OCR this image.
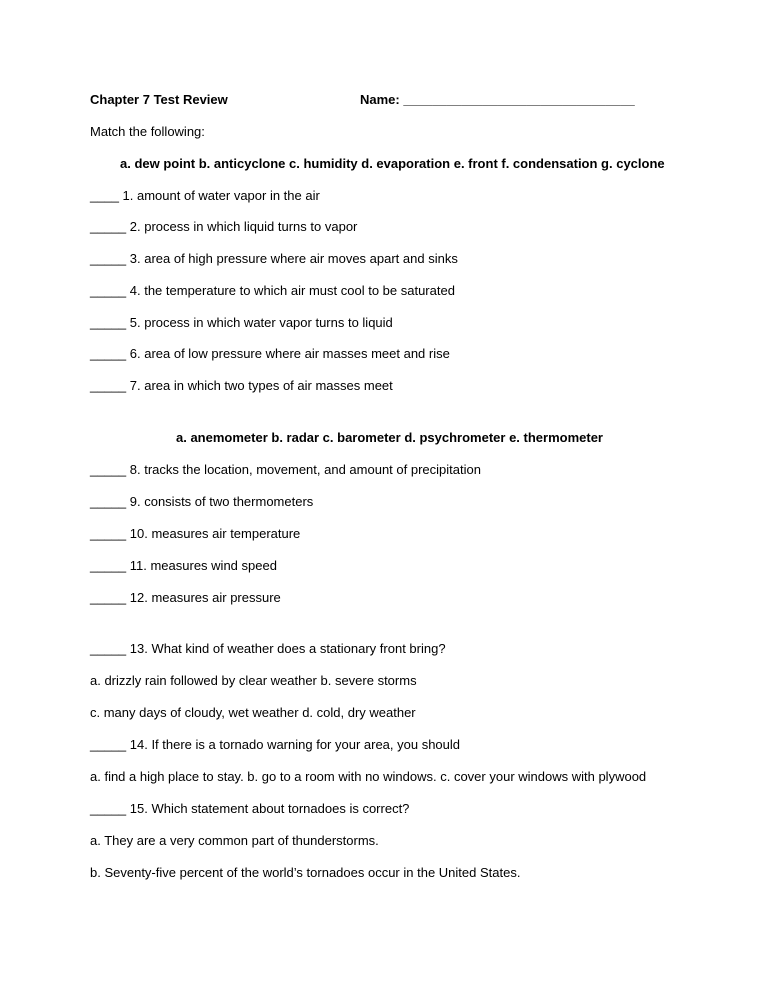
Chapter 7 Test Review	Name: ________________________________
Match the following:
a. dew point b. anticyclone c. humidity d. evaporation e. front f. condensation g. cyclone
____ 1. amount of water vapor in the air
_____ 2. process in which liquid turns to vapor
_____ 3. area of high pressure where air moves apart and sinks
_____ 4. the temperature to which air must cool to be saturated
_____ 5. process in which water vapor turns to liquid
_____ 6. area of low pressure where air masses meet and rise
_____ 7. area in which two types of air masses meet
a. anemometer b. radar c. barometer d. psychrometer e. thermometer
_____ 8. tracks the location, movement, and amount of precipitation
_____ 9. consists of two thermometers
_____ 10. measures air temperature
_____ 11. measures wind speed
_____ 12. measures air pressure
_____ 13. What kind of weather does a stationary front bring?
a. drizzly rain followed by clear weather b. severe storms
c. many days of cloudy, wet weather d. cold, dry weather
_____ 14. If there is a tornado warning for your area, you should
a. find a high place to stay. b. go to a room with no windows. c. cover your windows with plywood
_____ 15. Which statement about tornadoes is correct?
a. They are a very common part of thunderstorms.
b. Seventy-five percent of the world’s tornadoes occur in the United States.
